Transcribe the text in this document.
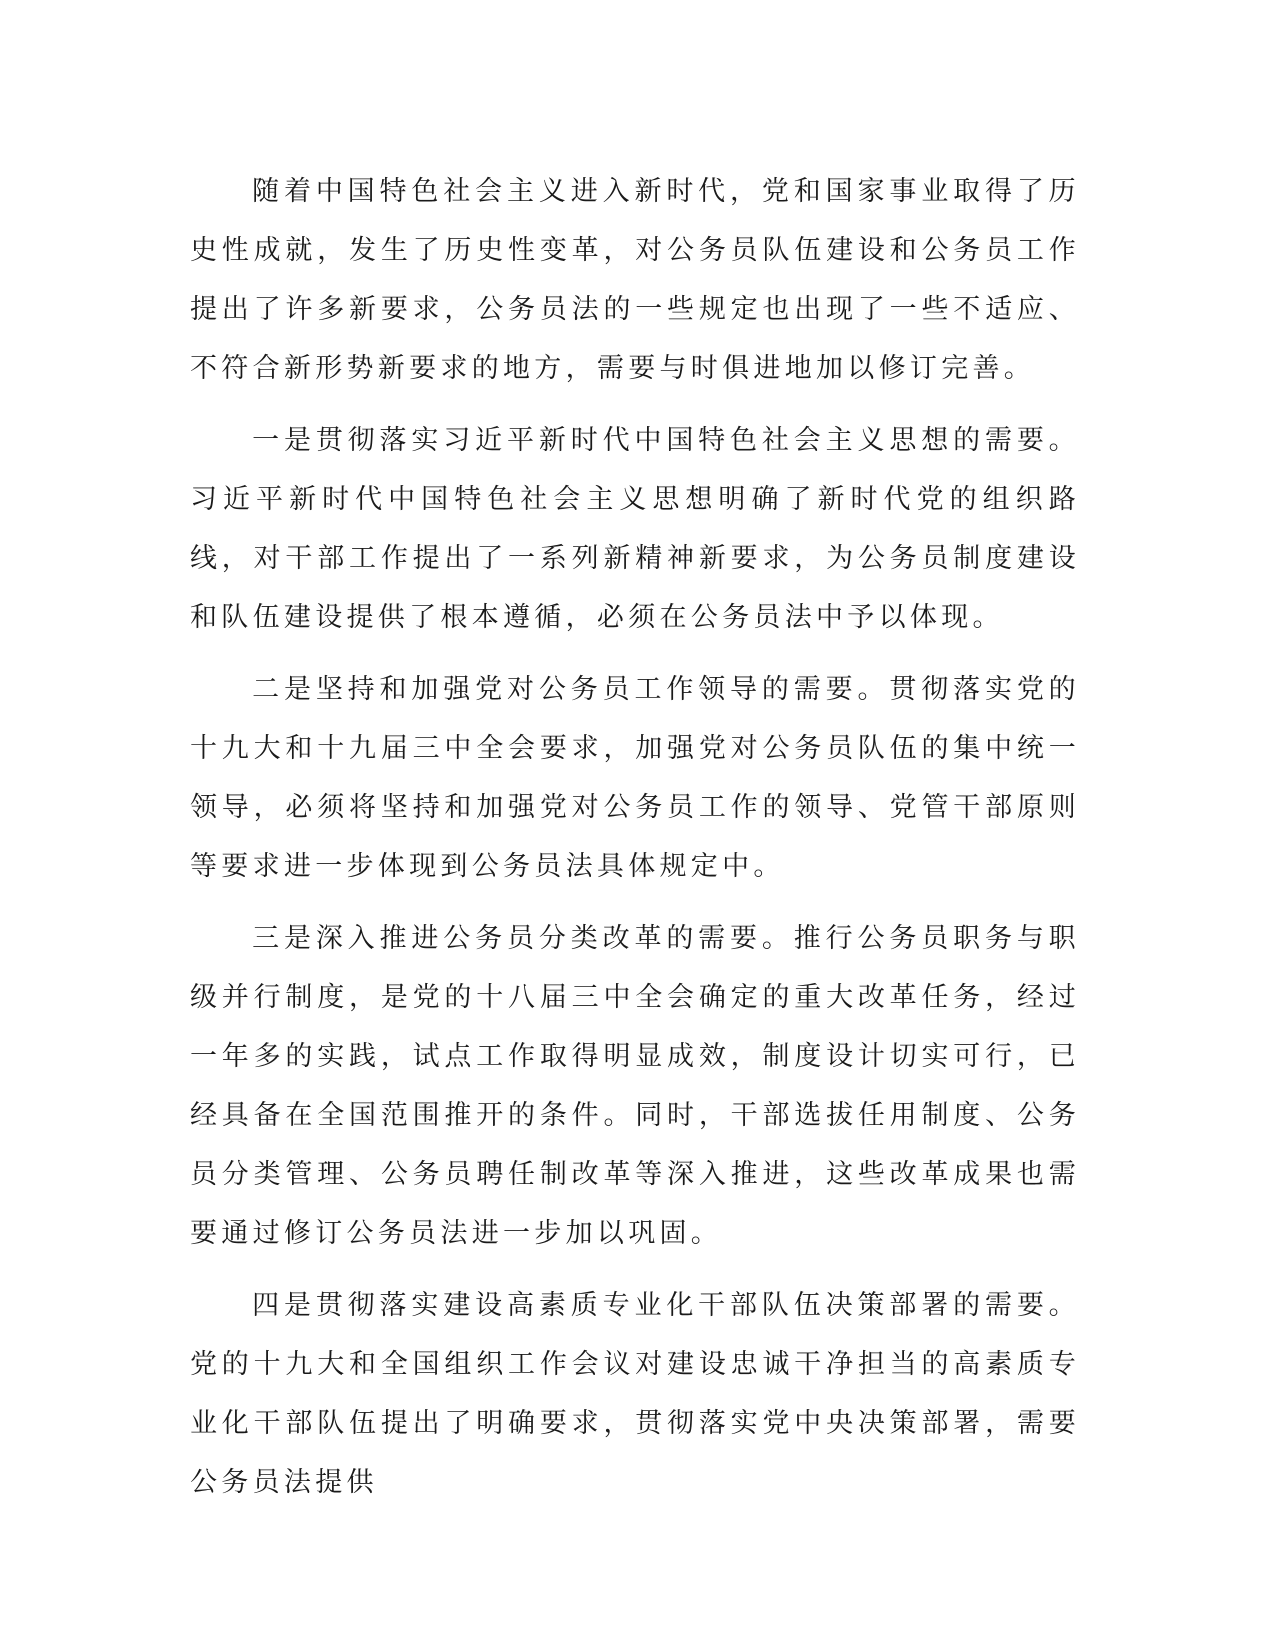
随着中国特色社会主义进入新时代，党和国家事业取得了历史性成就，发生了历史性变革，对公务员队伍建设和公务员工作提出了许多新要求，公务员法的一些规定也出现了一些不适应、不符合新形势新要求的地方，需要与时俱进地加以修订完善。

一是贯彻落实习近平新时代中国特色社会主义思想的需要。习近平新时代中国特色社会主义思想明确了新时代党的组织路线，对干部工作提出了一系列新精神新要求，为公务员制度建设和队伍建设提供了根本遵循，必须在公务员法中予以体现。

二是坚持和加强党对公务员工作领导的需要。贯彻落实党的十九大和十九届三中全会要求，加强党对公务员队伍的集中统一领导，必须将坚持和加强党对公务员工作的领导、党管干部原则等要求进一步体现到公务员法具体规定中。

三是深入推进公务员分类改革的需要。推行公务员职务与职级并行制度，是党的十八届三中全会确定的重大改革任务，经过一年多的实践，试点工作取得明显成效，制度设计切实可行，已经具备在全国范围推开的条件。同时，干部选拔任用制度、公务员分类管理、公务员聘任制改革等深入推进，这些改革成果也需要通过修订公务员法进一步加以巩固。

四是贯彻落实建设高素质专业化干部队伍决策部署的需要。党的十九大和全国组织工作会议对建设忠诚干净担当的高素质专业化干部队伍提出了明确要求，贯彻落实党中央决策部署，需要公务员法提供
